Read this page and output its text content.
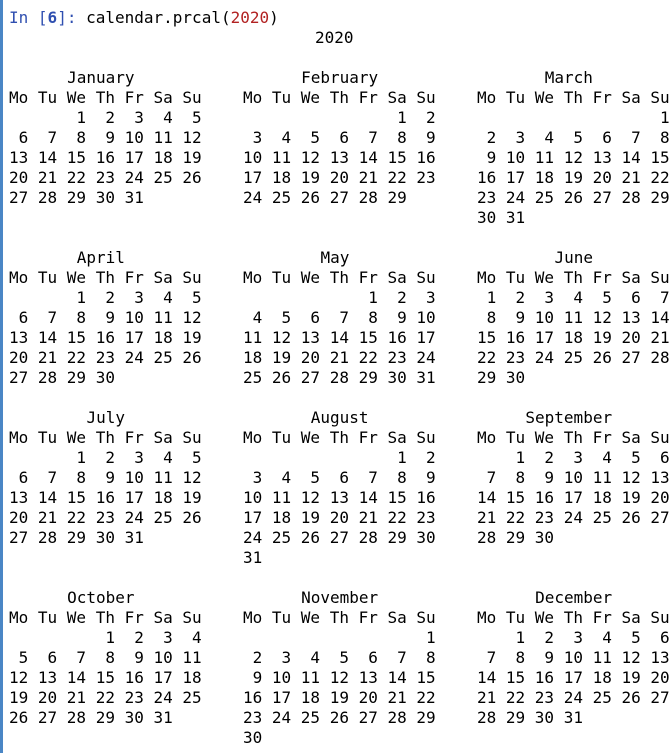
In [6]: calendar.prcal(2020)
2020
January
Mo Tu We Th Fr Sa Su
1  2  3  4  5
6  7  8  9 10 11 12
13 14 15 16 17 18 19
20 21 22 23 24 25 26
27 28 29 30 31
February
Mo Tu We Th Fr Sa Su
1  2
3  4  5  6  7  8  9
10 11 12 13 14 15 16
17 18 19 20 21 22 23
24 25 26 27 28 29
March
Mo Tu We Th Fr Sa Su
1
2  3  4  5  6  7  8
9 10 11 12 13 14 15
16 17 18 19 20 21 22
23 24 25 26 27 28 29
30 31
April
Mo Tu We Th Fr Sa Su
1  2  3  4  5
6  7  8  9 10 11 12
13 14 15 16 17 18 19
20 21 22 23 24 25 26
27 28 29 30
May
Mo Tu We Th Fr Sa Su
1  2  3
4  5  6  7  8  9 10
11 12 13 14 15 16 17
18 19 20 21 22 23 24
25 26 27 28 29 30 31
June
Mo Tu We Th Fr Sa Su
1  2  3  4  5  6  7
8  9 10 11 12 13 14
15 16 17 18 19 20 21
22 23 24 25 26 27 28
29 30
July
Mo Tu We Th Fr Sa Su
1  2  3  4  5
6  7  8  9 10 11 12
13 14 15 16 17 18 19
20 21 22 23 24 25 26
27 28 29 30 31
August
Mo Tu We Th Fr Sa Su
1  2
3  4  5  6  7  8  9
10 11 12 13 14 15 16
17 18 19 20 21 22 23
24 25 26 27 28 29 30
31
September
Mo Tu We Th Fr Sa Su
1  2  3  4  5  6
7  8  9 10 11 12 13
14 15 16 17 18 19 20
21 22 23 24 25 26 27
28 29 30
October
Mo Tu We Th Fr Sa Su
1  2  3  4
5  6  7  8  9 10 11
12 13 14 15 16 17 18
19 20 21 22 23 24 25
26 27 28 29 30 31
November
Mo Tu We Th Fr Sa Su
1
2  3  4  5  6  7  8
9 10 11 12 13 14 15
16 17 18 19 20 21 22
23 24 25 26 27 28 29
30
December
Mo Tu We Th Fr Sa Su
1  2  3  4  5  6
7  8  9 10 11 12 13
14 15 16 17 18 19 20
21 22 23 24 25 26 27
28 29 30 31
